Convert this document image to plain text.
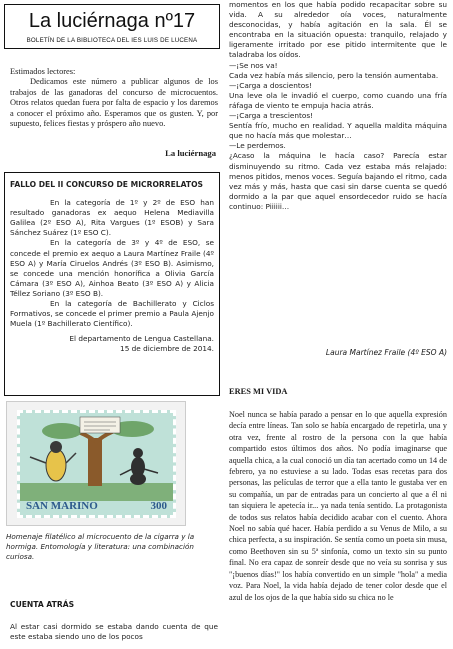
La luciérnaga nº17
BOLETÍN DE LA BIBLIOTECA DEL IES LUIS DE LUCENA

Estimados lectores:

Dedicamos este número a publicar algunos de los trabajos de las ganadoras del concurso de microcuentos. Otros relatos quedan fuera por falta de espacio y los daremos a conocer el próximo año. Esperamos que os gusten. Y, por supuesto, felices fiestas y próspero año nuevo.

La luciérnaga

FALLO DEL II CONCURSO DE MICRORRELATOS

En la categoría de 1º y 2º de ESO han resultado ganadoras ex aequo Helena Mediavilla Galilea (2º ESO A), Rita Vargues (1º ESOB) y Sara Sánchez Suárez (1º ESO C).

En la categoría de 3º y 4º de ESO, se concede el premio ex aequo a Laura Martínez Fraile (4º ESO A) y María Ciruelos Andrés (3º ESO B). Asimismo, se concede una mención honorífica a Olivia García Cámara (3º ESO A), Ainhoa Beato (3º ESO A) y Alicia Téllez Soriano (3º ESO B).

En la categoría de Bachillerato y Ciclos Formativos, se concede el primer premio a Paula Ajenjo Muela (1º Bachillerato Científico).

El departamento de Lengua Castellana.

15 de diciembre de 2014.

SAN MARINO	300
Homenaje filatélico al microcuento de la cigarra y la hormiga. Entomología y literatura: una combinación curiosa.
CUENTA ATRÁS

Al estar casi dormido se estaba dando cuenta de que este estaba siendo uno de los pocos

momentos en los que había podido recapacitar sobre su vida. A su alrededor oía voces, naturalmente desconocidas, y había agitación en la sala. Él se encontraba en la situación opuesta: tranquilo, relajado y ligeramente irritado por ese pitido intermitente que le taladraba los oídos.

—¡Se nos va!

Cada vez había más silencio, pero la tensión aumentaba.

—¡Carga a doscientos!

Una leve ola le invadió el cuerpo, como cuando una fría ráfaga de viento te empuja hacia atrás.

—¡Carga a trescientos!

Sentía frío, mucho en realidad. Y aquella maldita máquina que no hacía más que molestar…

—Le perdemos.

¿Acaso la máquina le hacía caso? Parecía estar disminuyendo su ritmo. Cada vez estaba más relajado: menos pitidos, menos voces. Seguía bajando el ritmo, cada vez más y más, hasta que casi sin darse cuenta se quedó dormido a la par que aquel ensordecedor ruido se hacía continuo: Piiiiii…

Laura Martínez Fraile (4º ESO A)
ERES MI VIDA

Noel nunca se había parado a pensar en lo que aquella expresión decía entre líneas. Tan solo se había encargado de repetirla, una y otra vez, frente al rostro de la persona con la que había compartido estos últimos dos años. No podía imaginarse que aquella chica, a la cual conoció un día tan acertado como un 14 de febrero, ya no estuviese a su lado. Todas esas recetas para dos personas, las películas de terror que a ella tanto le gustaba ver en su compañía, un par de entradas para un concierto al que a él ni tan siquiera le apetecía ir... ya nada tenía sentido. La protagonista de todos sus relatos había decidido acabar con el cuento. Ahora Noel no sabía qué hacer. Había perdido a su Venus de Milo, a su chica perfecta, a su inspiración. Se sentía como un poeta sin musa, como Beethoven sin su 5ª sinfonía, como un texto sin su punto final. No era capaz de sonreír desde que no veía su sonrisa y sus "¡buenos días!" los había convertido en un simple "hola" a media voz. Para Noel, la vida había dejado de tener color desde que el azul de los ojos de la que había sido su chica no le
